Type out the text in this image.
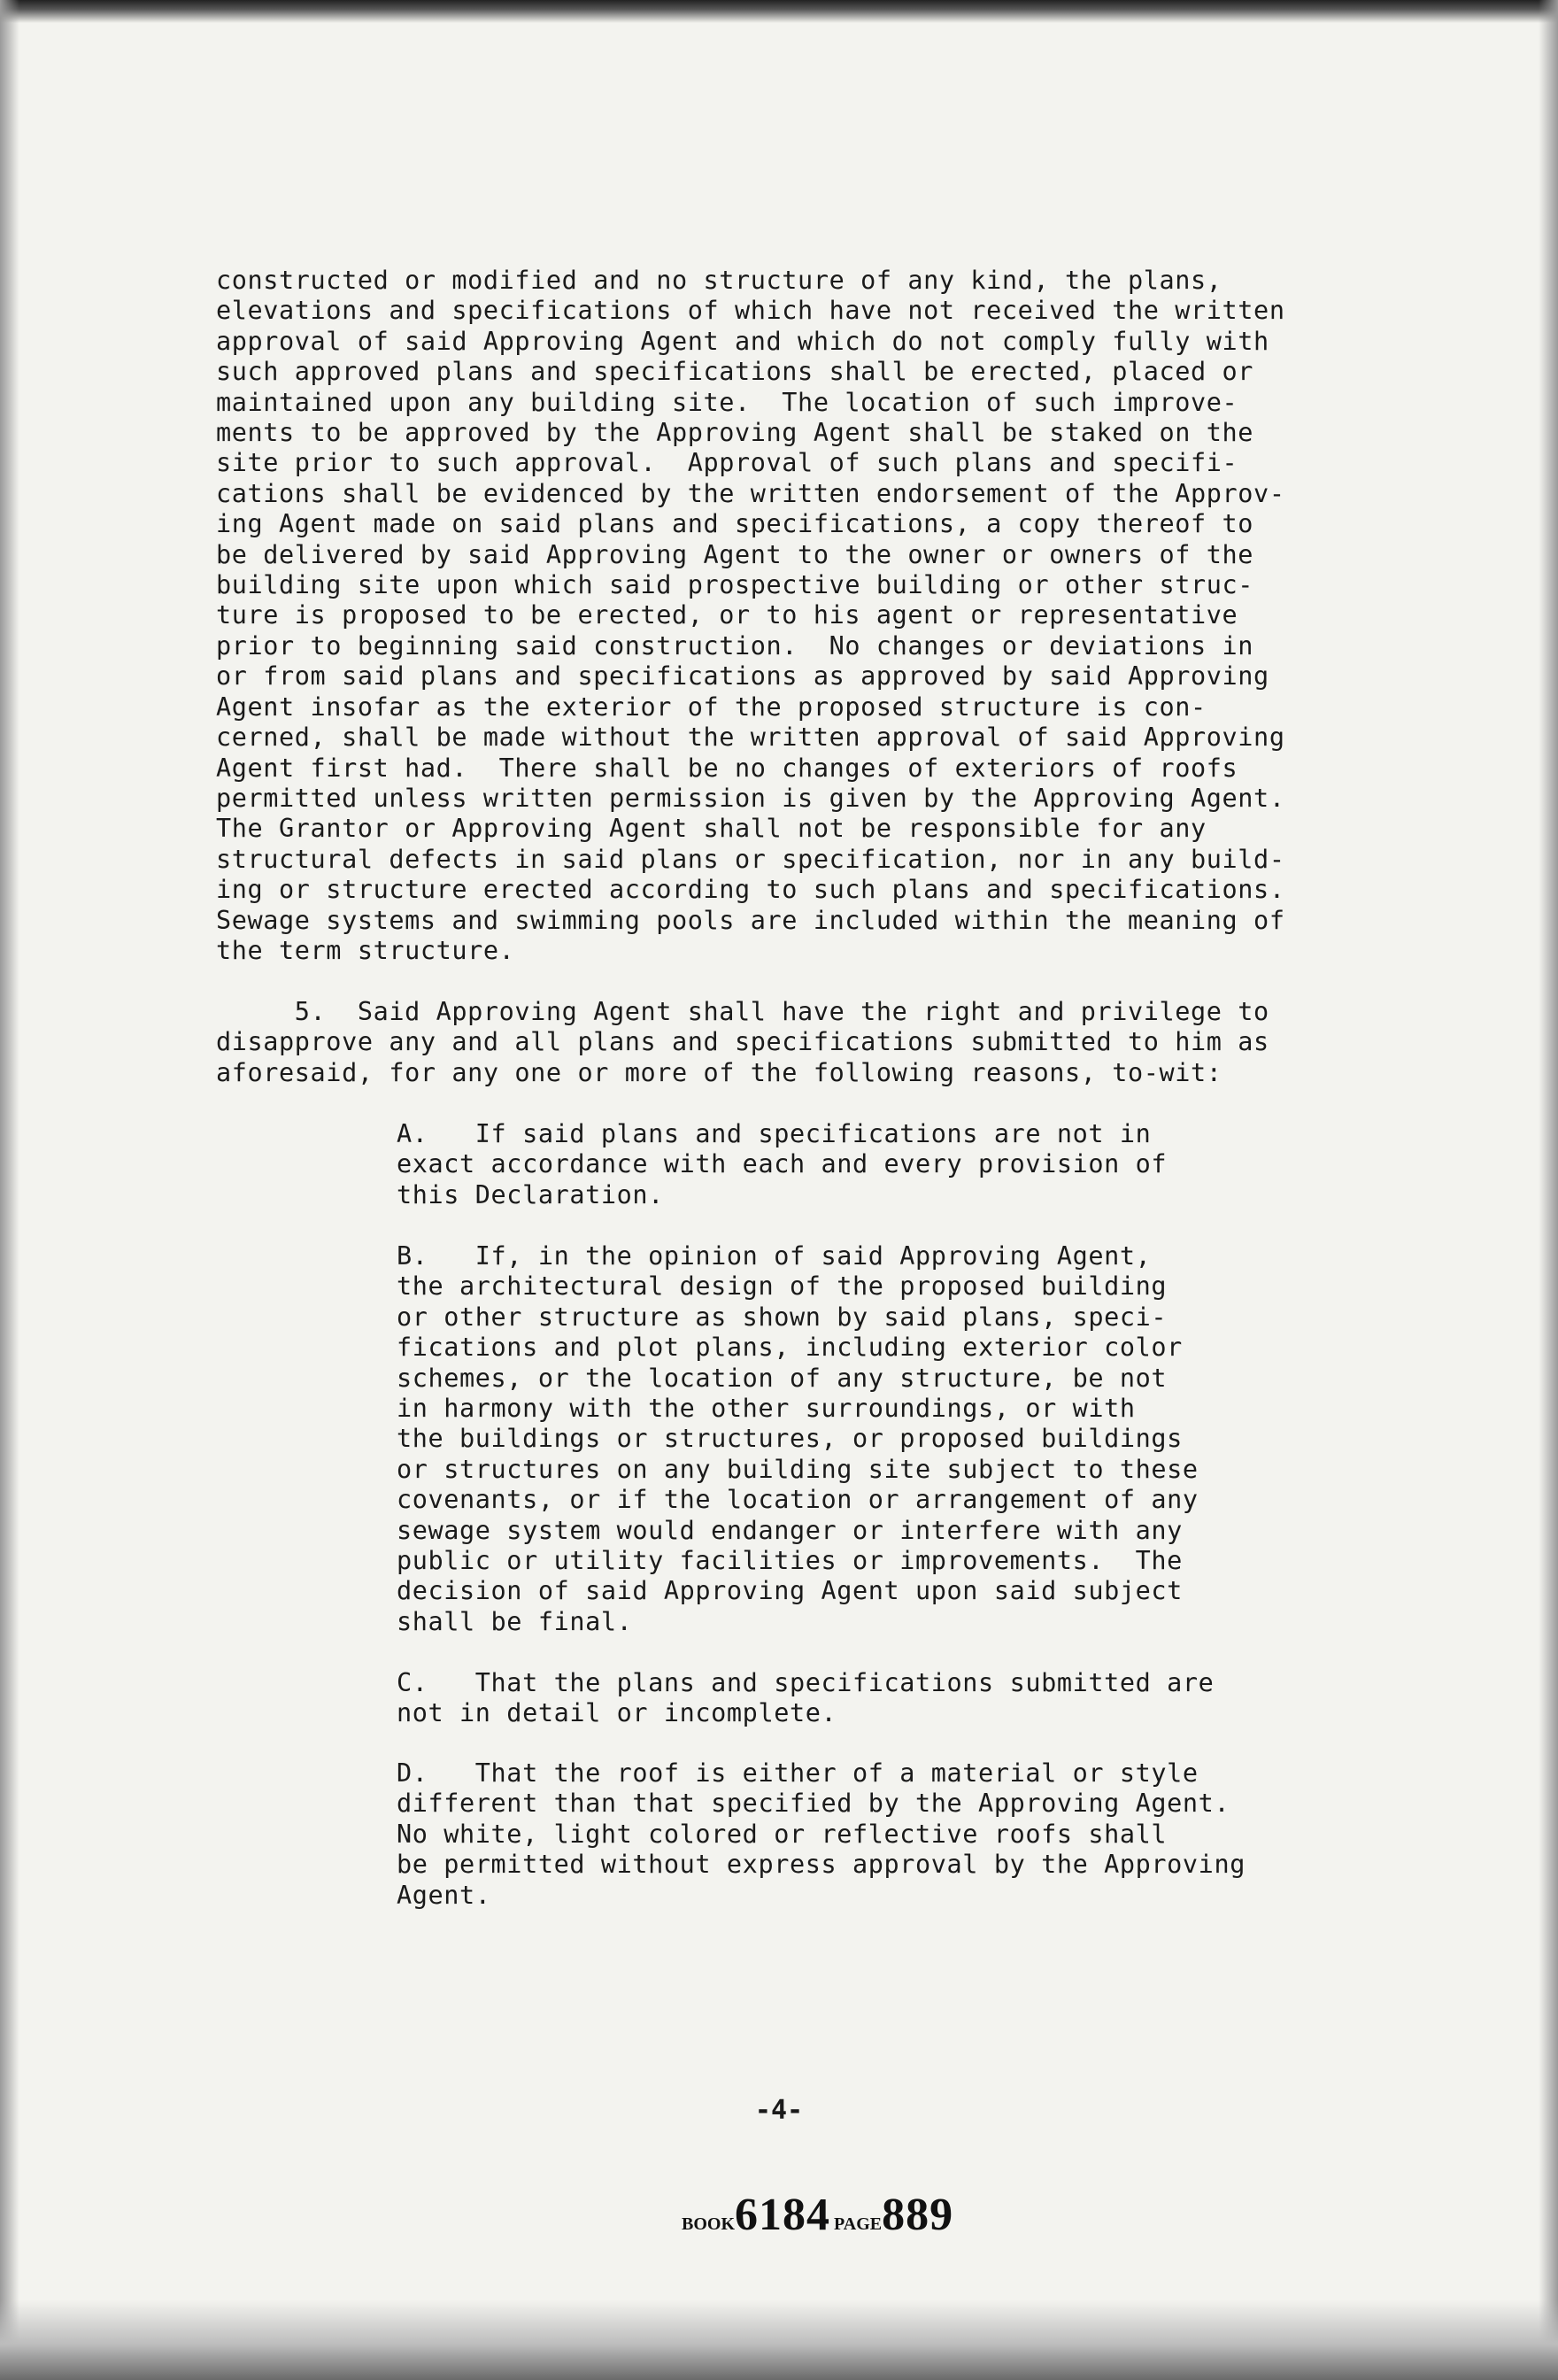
constructed or modified and no structure of any kind, the plans,
elevations and specifications of which have not received the written
approval of said Approving Agent and which do not comply fully with
such approved plans and specifications shall be erected, placed or
maintained upon any building site.  The location of such improve-
ments to be approved by the Approving Agent shall be staked on the
site prior to such approval.  Approval of such plans and specifi-
cations shall be evidenced by the written endorsement of the Approv-
ing Agent made on said plans and specifications, a copy thereof to
be delivered by said Approving Agent to the owner or owners of the
building site upon which said prospective building or other struc-
ture is proposed to be erected, or to his agent or representative
prior to beginning said construction.  No changes or deviations in
or from said plans and specifications as approved by said Approving
Agent insofar as the exterior of the proposed structure is con-
cerned, shall be made without the written approval of said Approving
Agent first had.  There shall be no changes of exteriors of roofs
permitted unless written permission is given by the Approving Agent.
The Grantor or Approving Agent shall not be responsible for any
structural defects in said plans or specification, nor in any build-
ing or structure erected according to such plans and specifications.
Sewage systems and swimming pools are included within the meaning of
the term structure.
5.  Said Approving Agent shall have the right and privilege to
disapprove any and all plans and specifications submitted to him as
aforesaid, for any one or more of the following reasons, to-wit:
A.   If said plans and specifications are not in
exact accordance with each and every provision of
this Declaration.
B.   If, in the opinion of said Approving Agent,
the architectural design of the proposed building
or other structure as shown by said plans, speci-
fications and plot plans, including exterior color
schemes, or the location of any structure, be not
in harmony with the other surroundings, or with
the buildings or structures, or proposed buildings
or structures on any building site subject to these
covenants, or if the location or arrangement of any
sewage system would endanger or interfere with any
public or utility facilities or improvements.  The
decision of said Approving Agent upon said subject
shall be final.
C.   That the plans and specifications submitted are
not in detail or incomplete.
D.   That the roof is either of a material or style
different than that specified by the Approving Agent.
No white, light colored or reflective roofs shall
be permitted without express approval by the Approving
Agent.
-4-
BOOK6184 PAGE889
